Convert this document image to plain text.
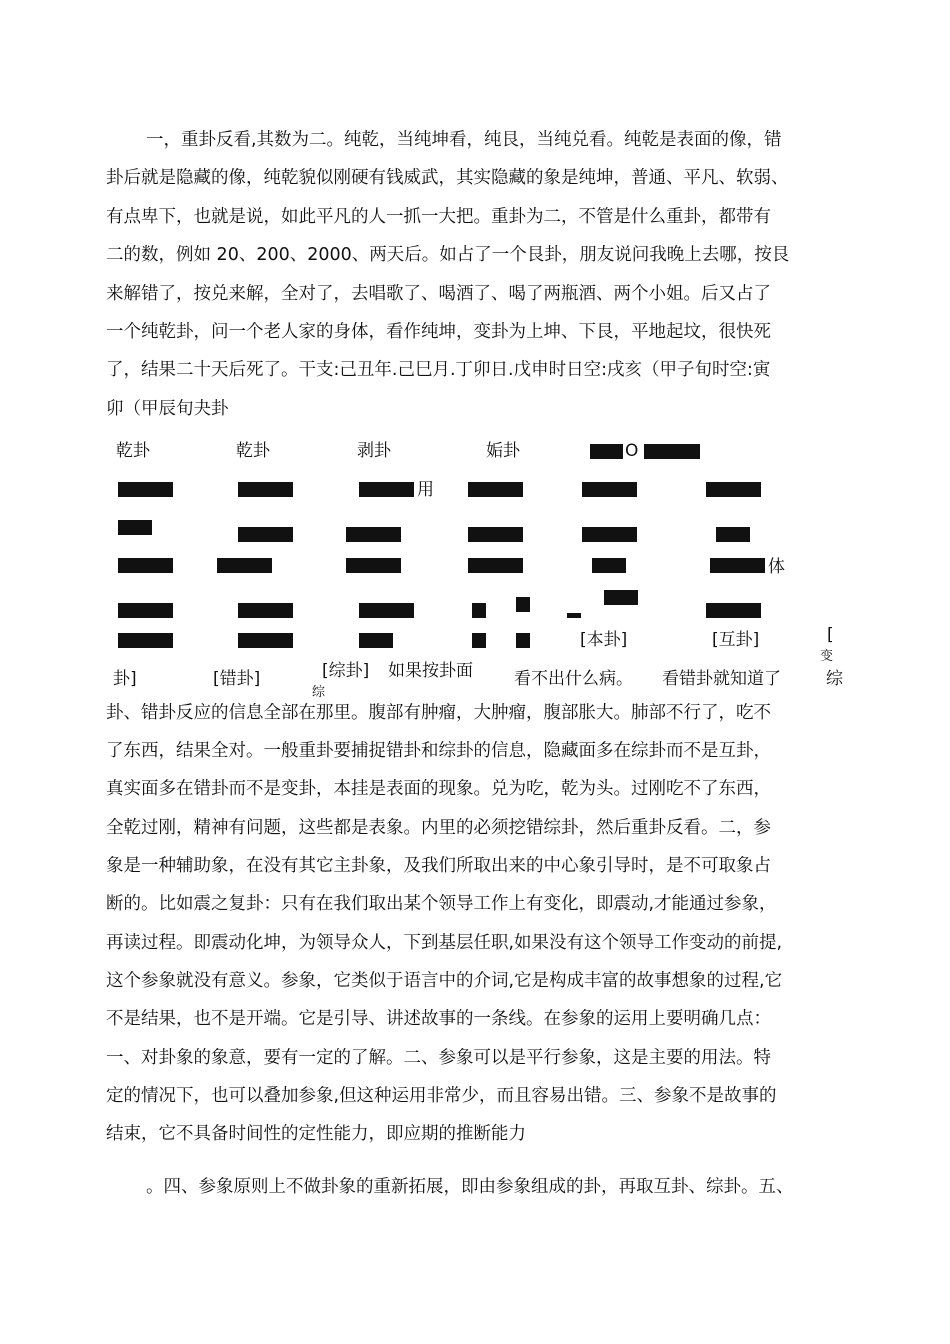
一，重卦反看,其数为二。纯乾，当纯坤看，纯艮，当纯兑看。纯乾是表面的像，错
卦后就是隐藏的像，纯乾貌似刚硬有钱威武，其实隐藏的象是纯坤，普通、平凡、软弱、
有点卑下，也就是说，如此平凡的人一抓一大把。重卦为二，不管是什么重卦，都带有
二的数，例如 20、200、2000、两天后。如占了一个艮卦，朋友说问我晚上去哪，按艮
来解错了，按兑来解，全对了，去唱歌了、喝酒了、喝了两瓶酒、两个小姐。后又占了
一个纯乾卦，问一个老人家的身体，看作纯坤，变卦为上坤、下艮，平地起坟，很快死
了，结果二十天后死了。干支:己丑年.己巳月.丁卯日.戊申时日空:戌亥（甲子旬时空:寅
卯（甲辰旬夬卦
乾卦	乾卦	剥卦	姤卦	O
用
体
[本卦]	[互卦]	[
变
卦]	[错卦]	[综卦] 如果按卦面
综
看不出什么病。 看错卦就知道了	综
卦、错卦反应的信息全部在那里。腹部有肿瘤，大肿瘤，腹部胀大。肺部不行了，吃不
了东西，结果全对。一般重卦要捕捉错卦和综卦的信息，隐藏面多在综卦而不是互卦，
真实面多在错卦而不是变卦，本挂是表面的现象。兑为吃，乾为头。过刚吃不了东西，
全乾过刚，精神有问题，这些都是表象。内里的必须挖错综卦，然后重卦反看。二，参
象是一种辅助象，在没有其它主卦象，及我们所取出来的中心象引导时，是不可取象占
断的。比如震之复卦：只有在我们取出某个领导工作上有变化，即震动,才能通过参象，
再读过程。即震动化坤，为领导众人，下到基层任职,如果没有这个领导工作变动的前提,
这个参象就没有意义。参象，它类似于语言中的介词,它是构成丰富的故事想象的过程,它
不是结果，也不是开端。它是引导、讲述故事的一条线。在参象的运用上要明确几点：
一、对卦象的象意，要有一定的了解。二、参象可以是平行参象，这是主要的用法。特
定的情况下，也可以叠加参象,但这种运用非常少，而且容易出错。三、参象不是故事的
结束，它不具备时间性的定性能力，即应期的推断能力
。四、参象原则上不做卦象的重新拓展，即由参象组成的卦，再取互卦、综卦。五、
